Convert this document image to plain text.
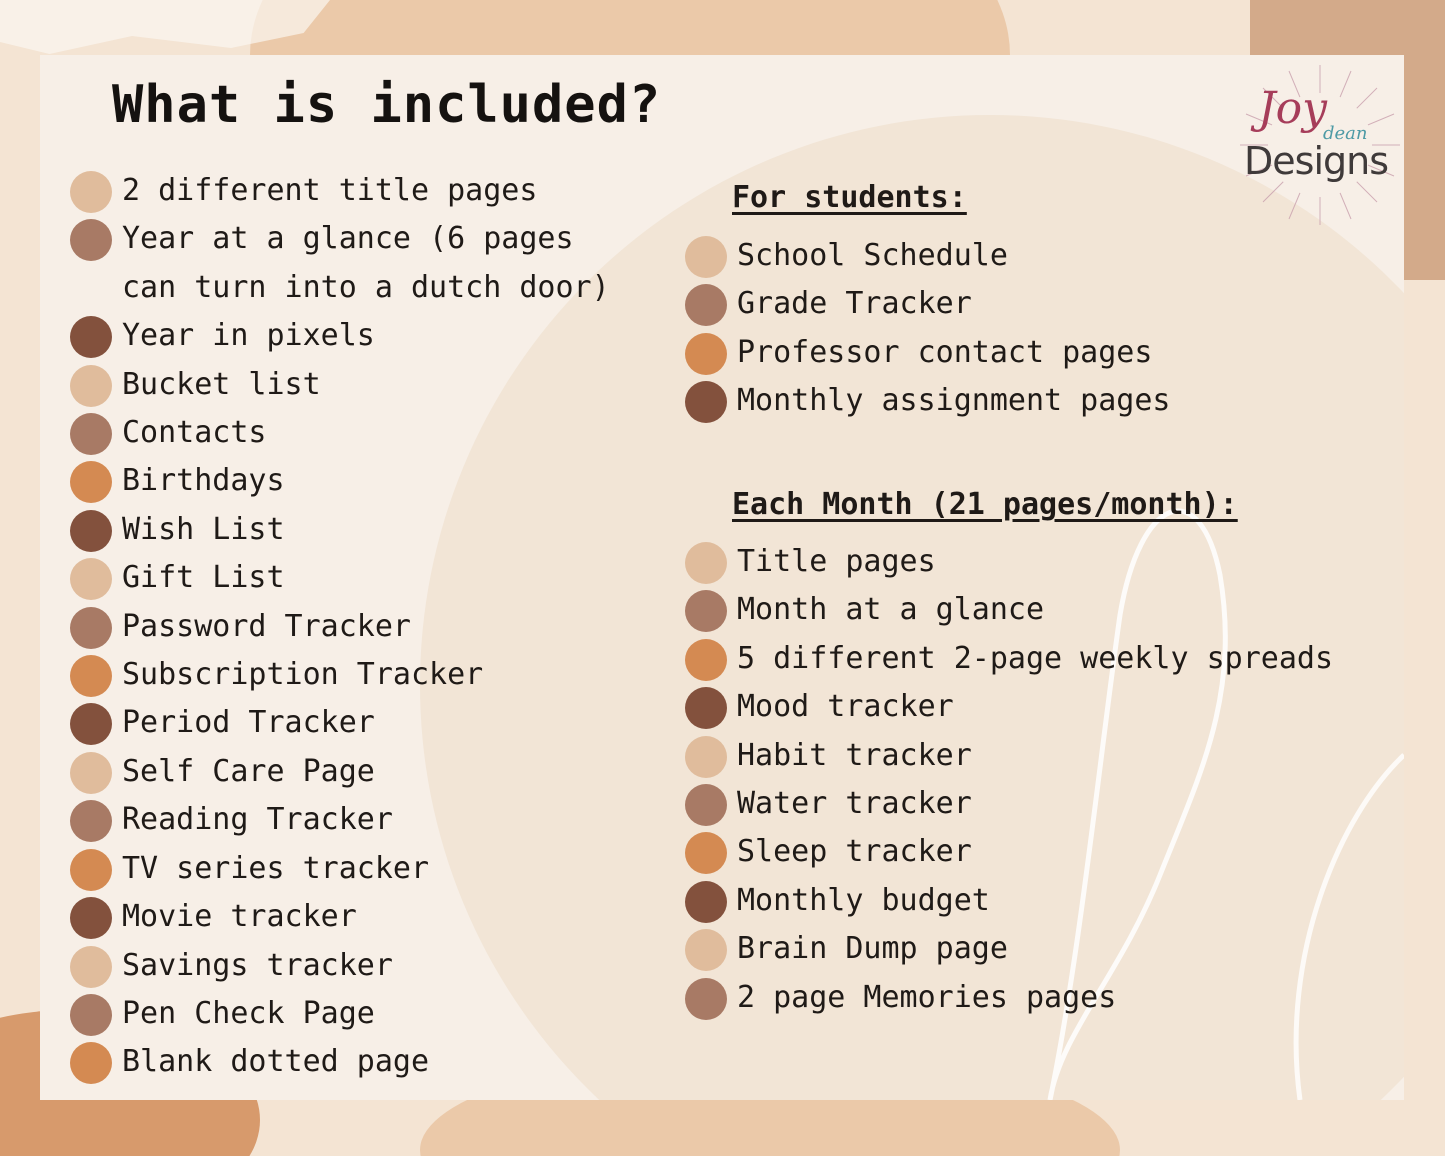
What is included?	Joy
dean
Designs
2 different title pages
Year at a glance (6 pages can turn into a dutch door)
Year in pixels
Bucket list
Contacts
Birthdays
Wish List
Gift List
Password Tracker
Subscription Tracker
Period Tracker
Self Care Page
Reading Tracker
TV series tracker
Movie tracker
Savings tracker
Pen Check Page
Blank dotted page
For students:
School Schedule
Grade Tracker
Professor contact pages
Monthly assignment pages
Each Month (21 pages/month):
Title pages
Month at a glance
5 different 2-page weekly spreads
Mood tracker
Habit tracker
Water tracker
Sleep tracker
Monthly budget
Brain Dump page
2 page Memories pages
